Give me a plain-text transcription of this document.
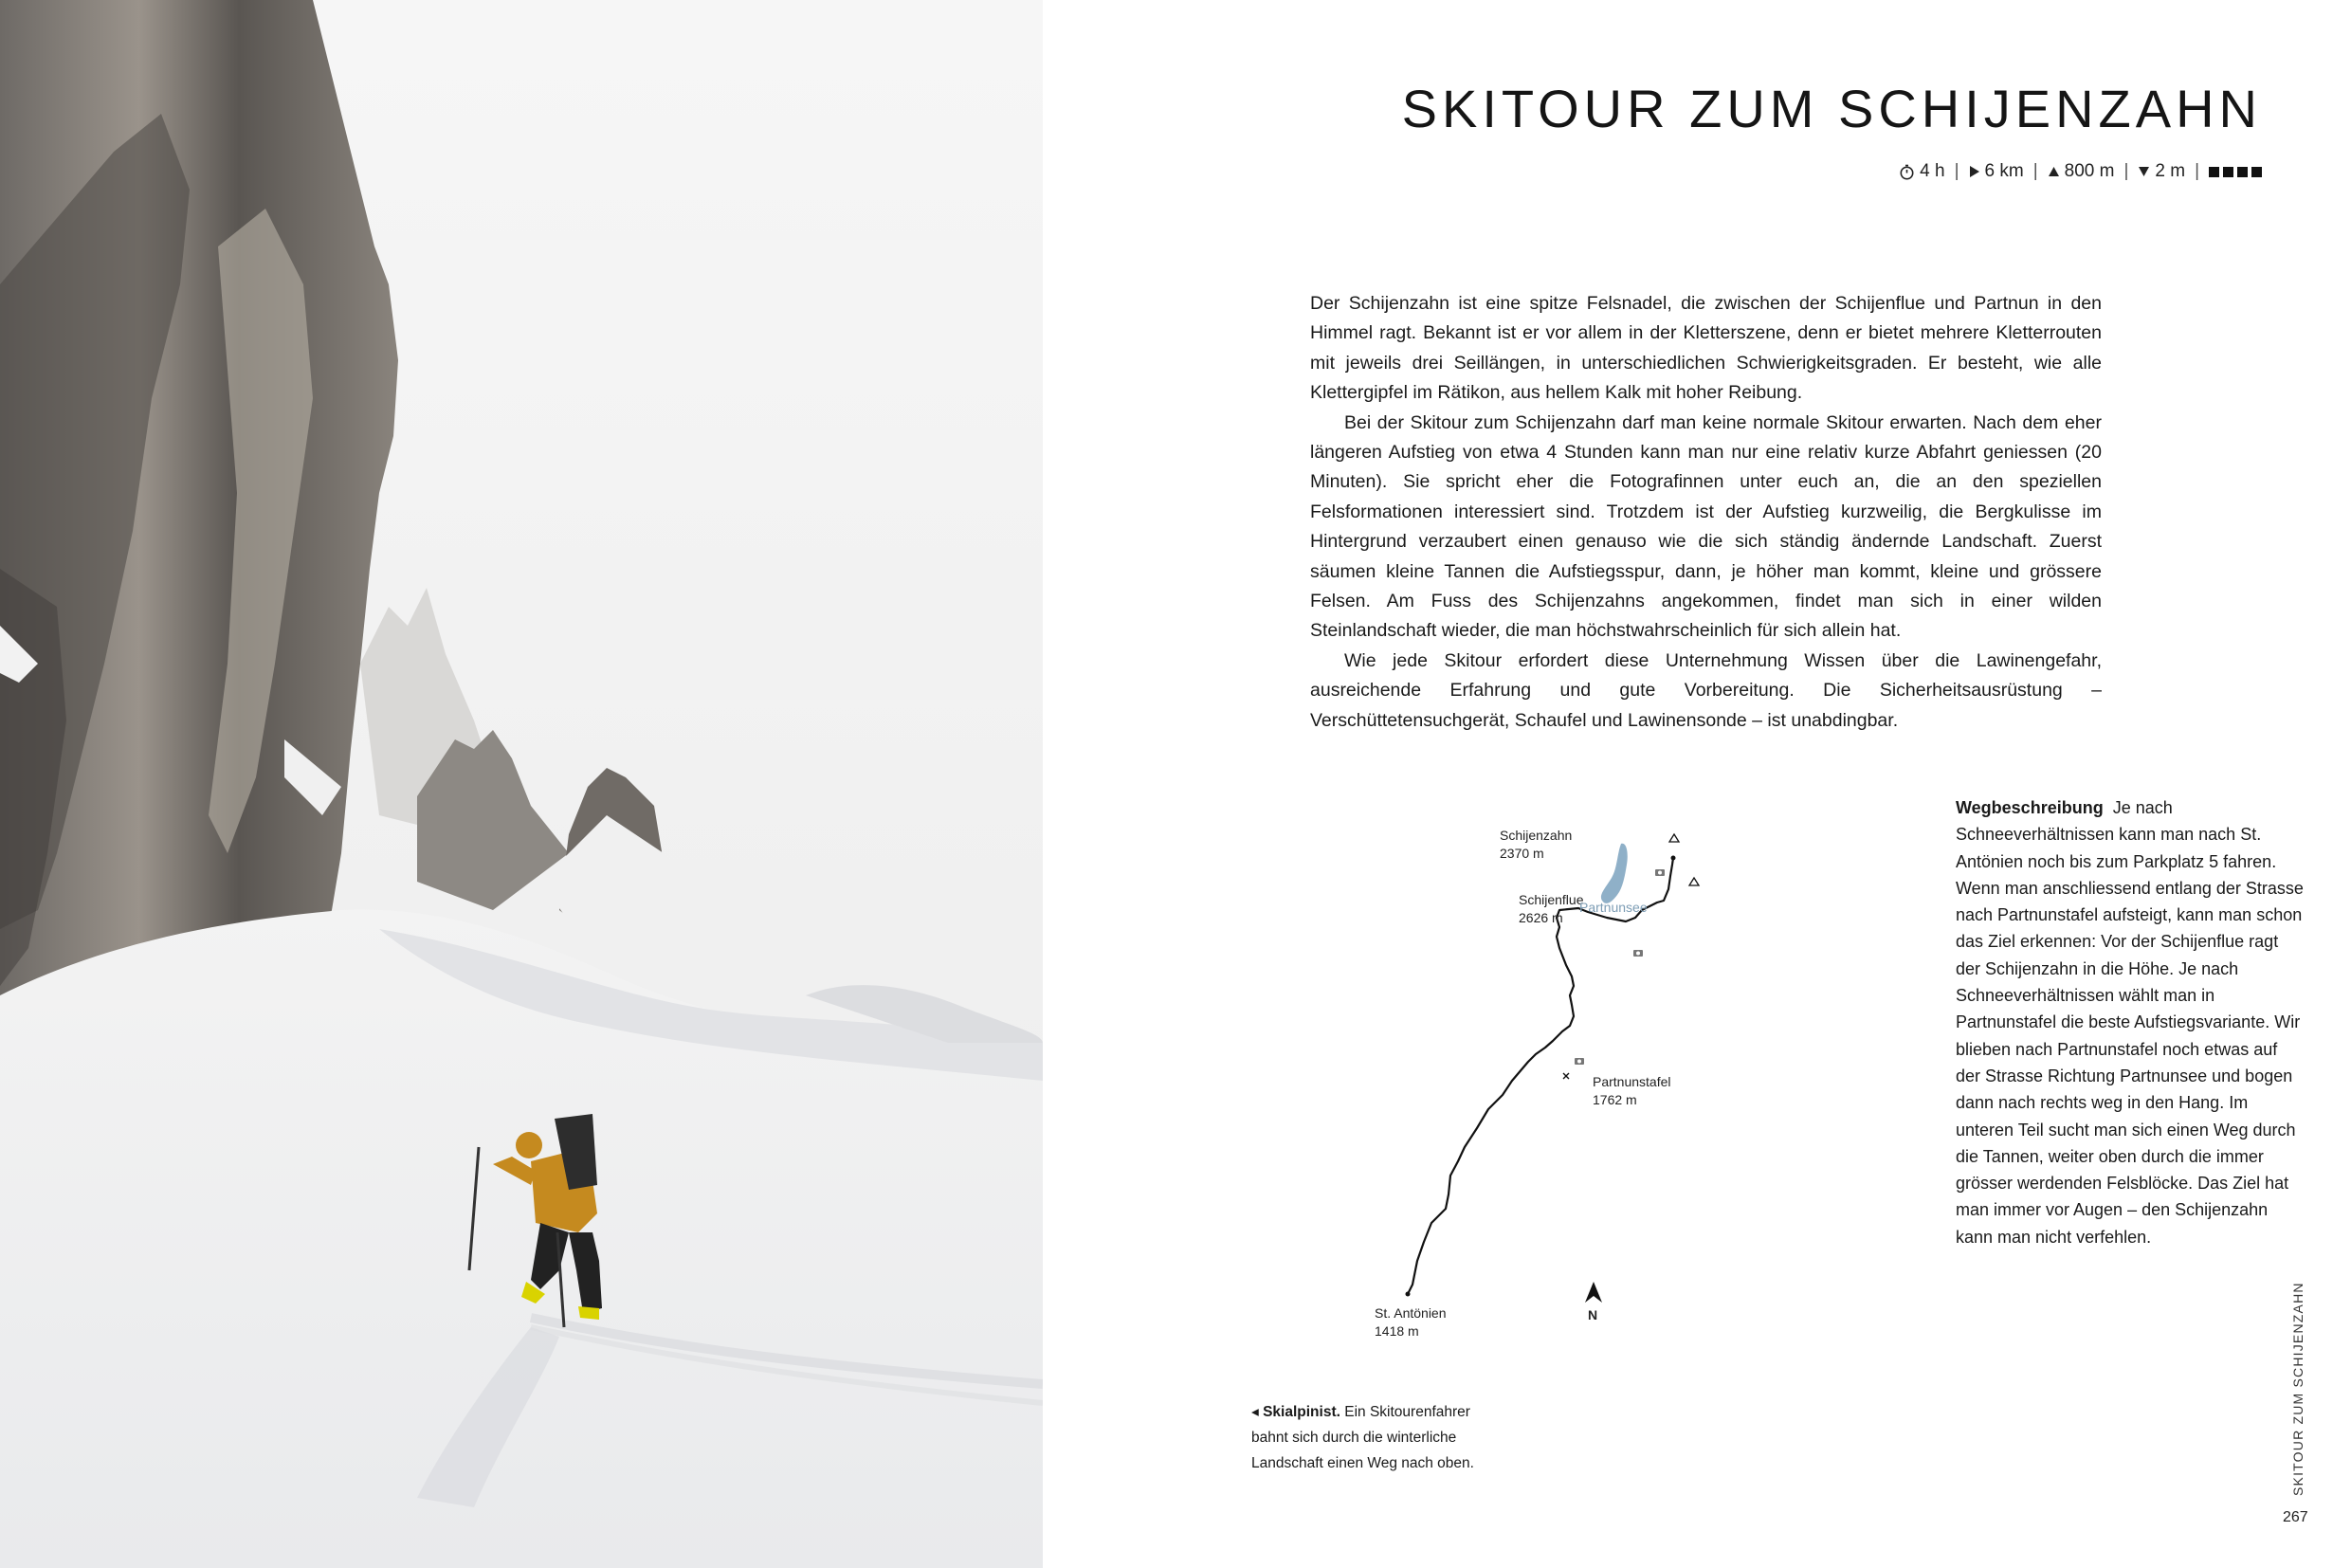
SKITOUR ZUM SCHIJENZAHN
4 h | 6 km | 800 m | 2 m |

Der Schijenzahn ist eine spitze Felsnadel, die zwischen der Schijenflue und Partnun in den Himmel ragt. Bekannt ist er vor allem in der Kletterszene, denn er bietet mehrere Kletterrouten mit jeweils drei Seillängen, in unterschiedlichen Schwierigkeitsgraden. Er besteht, wie alle Klettergipfel im Rätikon, aus hellem Kalk mit hoher Reibung.

Bei der Skitour zum Schijenzahn darf man keine normale Skitour erwarten. Nach dem eher längeren Aufstieg von etwa 4 Stunden kann man nur eine relativ kurze Abfahrt geniessen (20 Minuten). Sie spricht eher die Fotografinnen unter euch an, die an den speziellen Felsformationen interessiert sind. Trotzdem ist der Aufstieg kurzweilig, die Bergkulisse im Hintergrund verzaubert einen genauso wie die sich ständig ändernde Landschaft. Zuerst säumen kleine Tannen die Aufstiegsspur, dann, je höher man kommt, kleine und grössere Felsen. Am Fuss des Schijenzahns angekommen, findet man sich in einer wilden Steinlandschaft wieder, die man höchstwahrscheinlich für sich allein hat.

Wie jede Skitour erfordert diese Unternehmung Wissen über die Lawinengefahr, ausreichende Erfahrung und gute Vorbereitung. Die Sicherheitsausrüstung – Verschüttetensuchgerät, Schaufel und Lawinensonde – ist unabdingbar.

Schijenzahn
2370 m
Schijenflue
2626 m
Partnunsee
Partnunstafel
1762 m
St. Antönien
1418 m
N
Wegbeschreibung Je nach Schneeverhältnissen kann man nach St. Antönien noch bis zum Parkplatz 5 fahren. Wenn man anschliessend entlang der Strasse nach Partnunstafel aufsteigt, kann man schon das Ziel erkennen: Vor der Schijenflue ragt der Schijenzahn in die Höhe. Je nach Schneeverhältnissen wählt man in Partnunstafel die beste Aufstiegsvariante. Wir blieben nach Partnunstafel noch etwas auf der Strasse Richtung Partnunsee und bogen dann nach rechts weg in den Hang. Im unteren Teil sucht man sich einen Weg durch die Tannen, weiter oben durch die immer grösser werdenden Felsblöcke. Das Ziel hat man immer vor Augen – den Schijenzahn kann man nicht verfehlen.
◂ Skialpinist. Ein Skitourenfahrer bahnt sich durch die winterliche Landschaft einen Weg nach oben.	SKITOUR ZUM SCHIJENZAHN
267
